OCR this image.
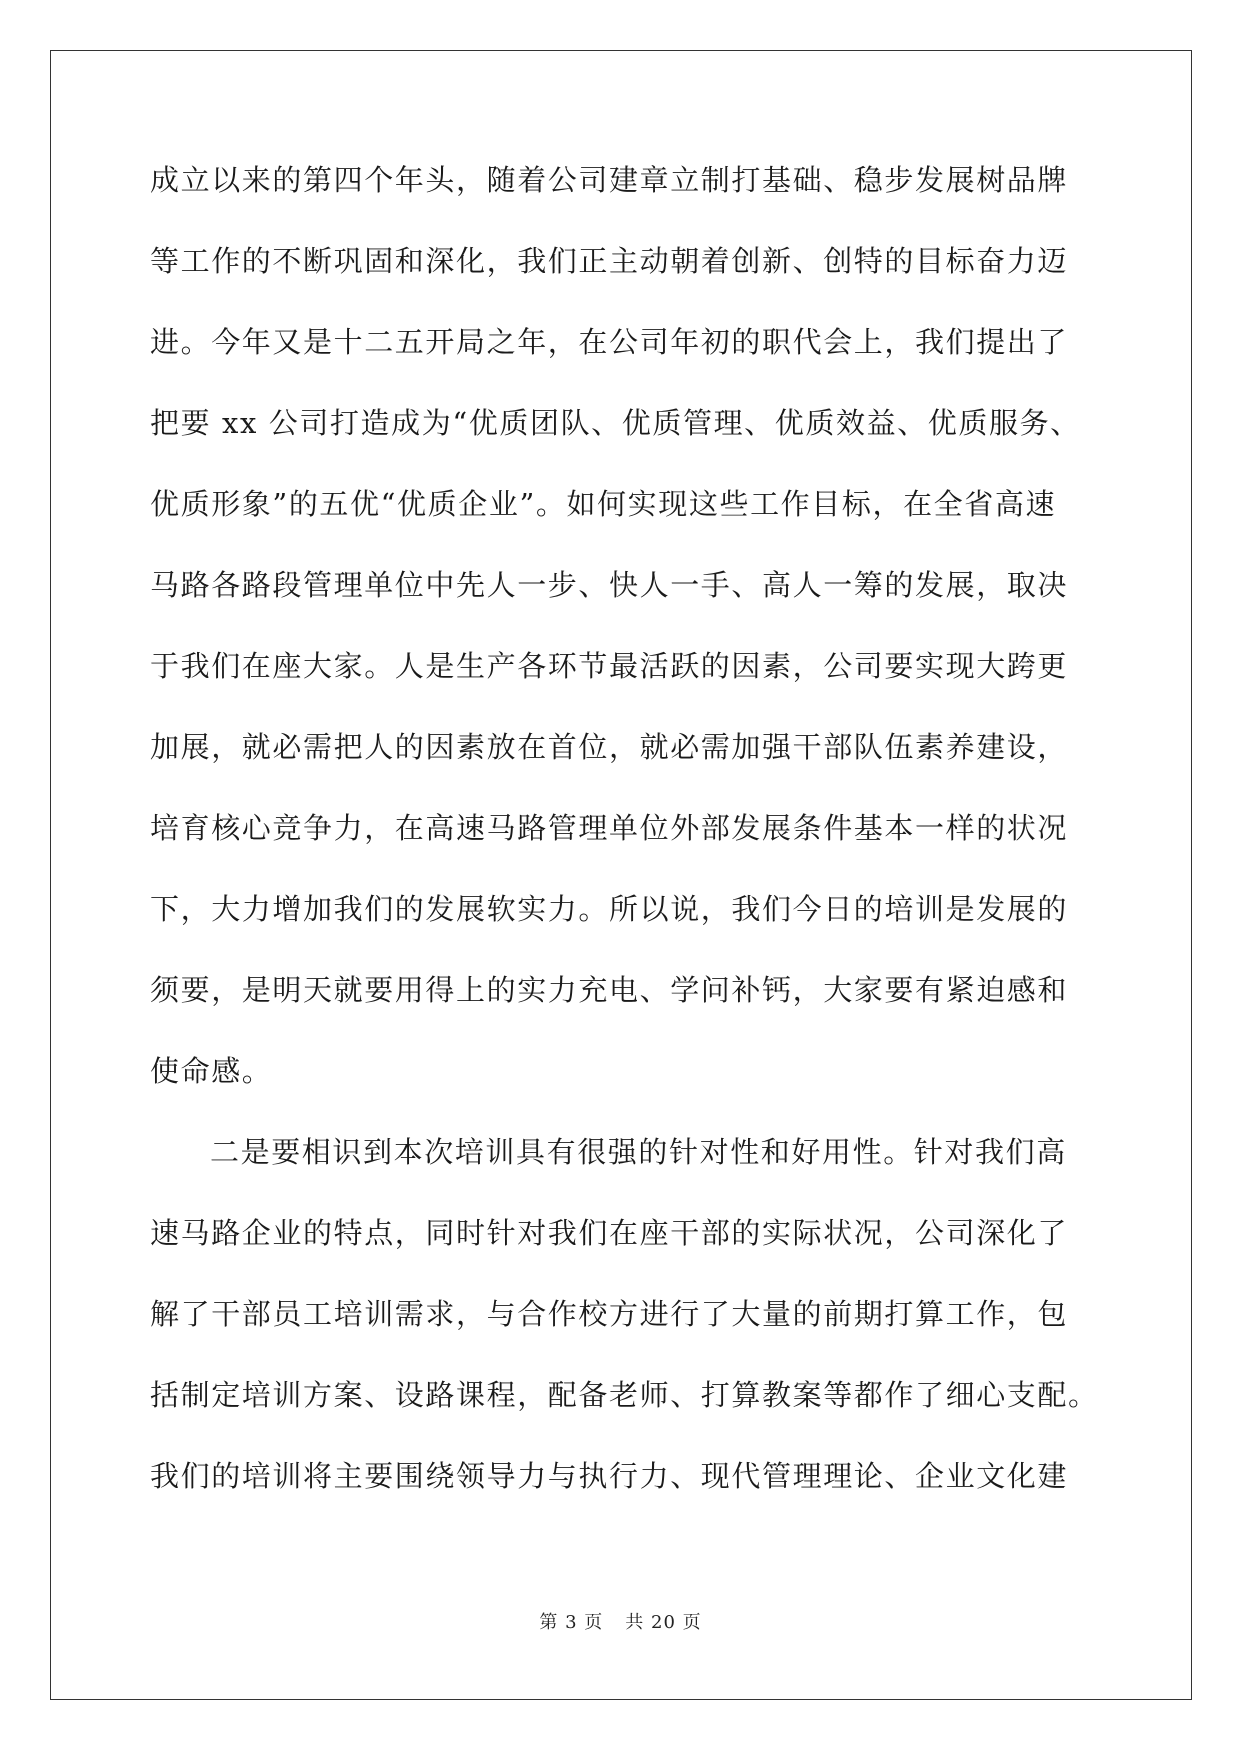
成立以来的第四个年头，随着公司建章立制打基础、稳步发展树品牌
等工作的不断巩固和深化，我们正主动朝着创新、创特的目标奋力迈
进。今年又是十二五开局之年，在公司年初的职代会上，我们提出了
把要 xx 公司打造成为“优质团队、优质管理、优质效益、优质服务、
优质形象”的五优“优质企业”。如何实现这些工作目标，在全省高速
马路各路段管理单位中先人一步、快人一手、高人一筹的发展，取决
于我们在座大家。人是生产各环节最活跃的因素，公司要实现大跨更
加展，就必需把人的因素放在首位，就必需加强干部队伍素养建设，
培育核心竞争力，在高速马路管理单位外部发展条件基本一样的状况
下，大力增加我们的发展软实力。所以说，我们今日的培训是发展的
须要，是明天就要用得上的实力充电、学问补钙，大家要有紧迫感和
使命感。
二是要相识到本次培训具有很强的针对性和好用性。针对我们高
速马路企业的特点，同时针对我们在座干部的实际状况，公司深化了
解了干部员工培训需求，与合作校方进行了大量的前期打算工作，包
括制定培训方案、设路课程，配备老师、打算教案等都作了细心支配。
我们的培训将主要围绕领导力与执行力、现代管理理论、企业文化建
第 3 页 共 20 页
